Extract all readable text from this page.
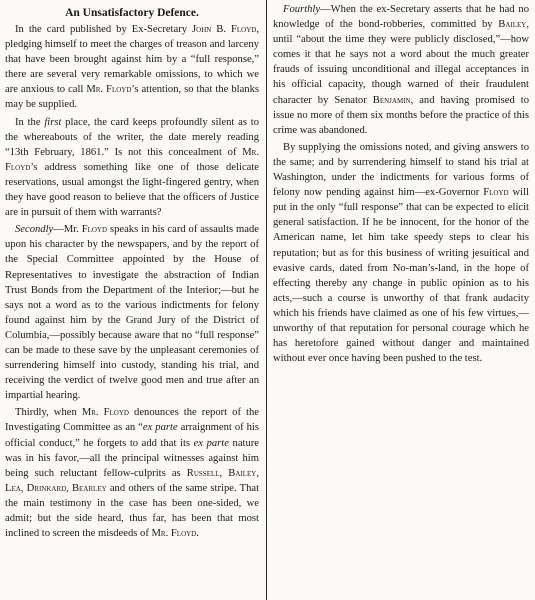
An Unsatisfactory Defence.

In the card published by Ex-Secretary John B. Floyd, pledging himself to meet the charges of treason and larceny that have been brought against him by a “full response,” there are several very remarkable omissions, to which we are anxious to call Mr. Floyd’s attention, so that the blanks may be supplied.

In the first place, the card keeps profoundly silent as to the whereabouts of the writer, the date merely reading “13th February, 1861.” Is not this concealment of Mr. Floyd’s address something like one of those delicate reservations, usual amongst the light-fingered gentry, when they have good reason to believe that the officers of Justice are in pursuit of them with warrants?

Secondly—Mr. Floyd speaks in his card of assaults made upon his character by the newspapers, and by the report of the Special Committee appointed by the House of Representatives to investigate the abstraction of Indian Trust Bonds from the Department of the Interior;—but he says not a word as to the various indictments for felony found against him by the Grand Jury of the District of Columbia,—possibly because aware that no “full response” can be made to these save by the unpleasant ceremonies of surrendering himself into custody, standing his trial, and receiving the verdict of twelve good men and true after an impartial hearing.

Thirdly, when Mr. Floyd denounces the report of the Investigating Committee as an “ex parte arraignment of his official conduct,” he forgets to add that its ex parte nature was in his favor,—all the principal witnesses against him being such reluctant fellow-culprits as Russell, Bailey, Lea, Drinkard, Bearley and others of the same stripe. That the main testimony in the case has been one-sided, we admit; but the side heard, thus far, has been that most inclined to screen the misdeeds of Mr. Floyd.

Fourthly—When the ex-Secretary asserts that he had no knowledge of the bond-robberies, committed by Bailey, until “about the time they were publicly disclosed,”—how comes it that he says not a word about the much greater frauds of issuing unconditional and illegal acceptances in his official capacity, though warned of their fraudulent character by Senator Benjamin, and having promised to issue no more of them six months before the practice of this crime was abandoned.

By supplying the omissions noted, and giving answers to the same; and by surrendering himself to stand his trial at Washington, under the indictments for various forms of felony now pending against him—ex-Governor Floyd will put in the only “full response” that can be expected to elicit general satisfaction. If he be innocent, for the honor of the American name, let him take speedy steps to clear his reputation; but as for this business of writing jesuitical and evasive cards, dated from No-man’s-land, in the hope of effecting thereby any change in public opinion as to his acts,—such a course is unworthy of that frank audacity which his friends have claimed as one of his few virtues,—unworthy of that reputation for personal courage which he has heretofore gained without danger and maintained without ever once having been pushed to the test.
